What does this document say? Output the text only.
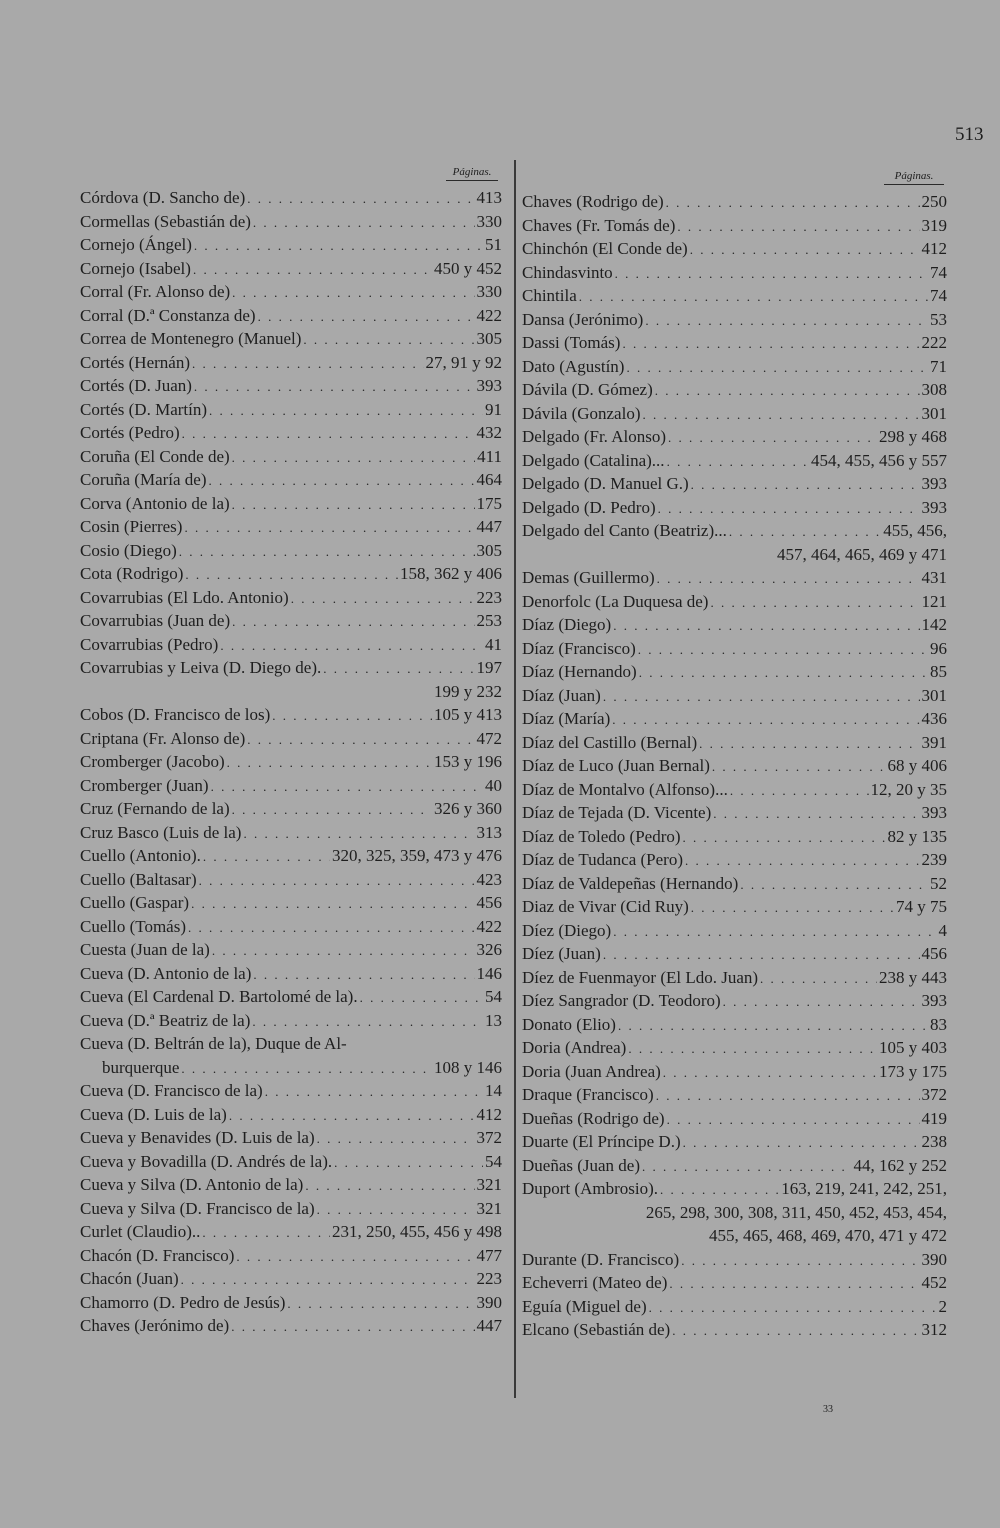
513
Páginas.	Páginas.
Córdova (D. Sancho de) . . .	413
Cormellas (Sebastián de) . . .	330
Cornejo (Ángel) . . .	51
Cornejo (Isabel) . . .	450 y 452
Corral (Fr. Alonso de) . . .	330
Corral (D.ª Constanza de) . . .	422
Correa de Montenegro (Manuel) . . .	305
Cortés (Hernán) . . .	27, 91 y 92
Cortés (D. Juan) . . .	393
Cortés (D. Martín) . . .	91
Cortés (Pedro) . . .	432
Coruña (El Conde de) . . .	411
Coruña (María de) . . .	464
Corva (Antonio de la) . . .	175
Cosin (Pierres) . . .	447
Cosio (Diego) . . .	305
Cota (Rodrigo) . . .	158, 362 y 406
Covarrubias (El Ldo. Antonio) . . .	223
Covarrubias (Juan de) . . .	253
Covarrubias (Pedro) . . .	41
Covarrubias y Leiva (D. Diego de). . . .	197
199 y 232
Cobos (D. Francisco de los) . . .	105 y 413
Criptana (Fr. Alonso de) . . .	472
Cromberger (Jacobo) . . .	153 y 196
Cromberger (Juan) . . .	40
Cruz (Fernando de la) . . .	326 y 360
Cruz Basco (Luis de la) . . .	313
Cuello (Antonio). . . .	320, 325, 359, 473 y 476
Cuello (Baltasar) . . .	423
Cuello (Gaspar) . . .	456
Cuello (Tomás) . . .	422
Cuesta (Juan de la) . . .	326
Cueva (D. Antonio de la) . . .	146
Cueva (El Cardenal D. Bartolomé de la). . . .	54
Cueva (D.ª Beatriz de la) . . .	13
Cueva (D. Beltrán de la), Duque de Al-
burquerque . . .	108 y 146
Cueva (D. Francisco de la) . . .	14
Cueva (D. Luis de la) . . .	412
Cueva y Benavides (D. Luis de la) . . .	372
Cueva y Bovadilla (D. Andrés de la). . . .	54
Cueva y Silva (D. Antonio de la) . . .	321
Cueva y Silva (D. Francisco de la) . . .	321
Curlet (Claudio).. . . .	231, 250, 455, 456 y 498
Chacón (D. Francisco) . . .	477
Chacón (Juan) . . .	223
Chamorro (D. Pedro de Jesús) . . .	390
Chaves (Jerónimo de) . . .	447
Chaves (Rodrigo de) . . .	250
Chaves (Fr. Tomás de) . . .	319
Chinchón (El Conde de) . . .	412
Chindasvinto . . .	74
Chintila . . .	74
Dansa (Jerónimo) . . .	53
Dassi (Tomás) . . .	222
Dato (Agustín) . . .	71
Dávila (D. Gómez) . . .	308
Dávila (Gonzalo) . . .	301
Delgado (Fr. Alonso) . . .	298 y 468
Delgado (Catalina)... . . .	454, 455, 456 y 557
Delgado (D. Manuel G.) . . .	393
Delgado (D. Pedro) . . .	393
Delgado del Canto (Beatriz)... . . .	455, 456,
457, 464, 465, 469 y 471
Demas (Guillermo) . . .	431
Denorfolc (La Duquesa de) . . .	121
Díaz (Diego) . . .	142
Díaz (Francisco) . . .	96
Díaz (Hernando) . . .	85
Díaz (Juan) . . .	301
Díaz (María) . . .	436
Díaz del Castillo (Bernal) . . .	391
Díaz de Luco (Juan Bernal) . . .	68 y 406
Díaz de Montalvo (Alfonso)... . . .	12, 20 y 35
Díaz de Tejada (D. Vicente) . . .	393
Díaz de Toledo (Pedro) . . .	82 y 135
Díaz de Tudanca (Pero) . . .	239
Díaz de Valdepeñas (Hernando) . . .	52
Diaz de Vivar (Cid Ruy) . . .	74 y 75
Díez (Diego) . . .	4
Díez (Juan) . . .	456
Díez de Fuenmayor (El Ldo. Juan) . . .	238 y 443
Díez Sangrador (D. Teodoro) . . .	393
Donato (Elio) . . .	83
Doria (Andrea) . . .	105 y 403
Doria (Juan Andrea) . . .	173 y 175
Draque (Francisco) . . .	372
Dueñas (Rodrigo de) . . .	419
Duarte (El Príncipe D.) . . .	238
Dueñas (Juan de) . . .	44, 162 y 252
Duport (Ambrosio). . . .	163, 219, 241, 242, 251,
265, 298, 300, 308, 311, 450, 452, 453, 454,
455, 465, 468, 469, 470, 471 y 472
Durante (D. Francisco) . . .	390
Echeverri (Mateo de) . . .	452
Eguía (Miguel de) . . .	2
Elcano (Sebastián de) . . .	312
33
